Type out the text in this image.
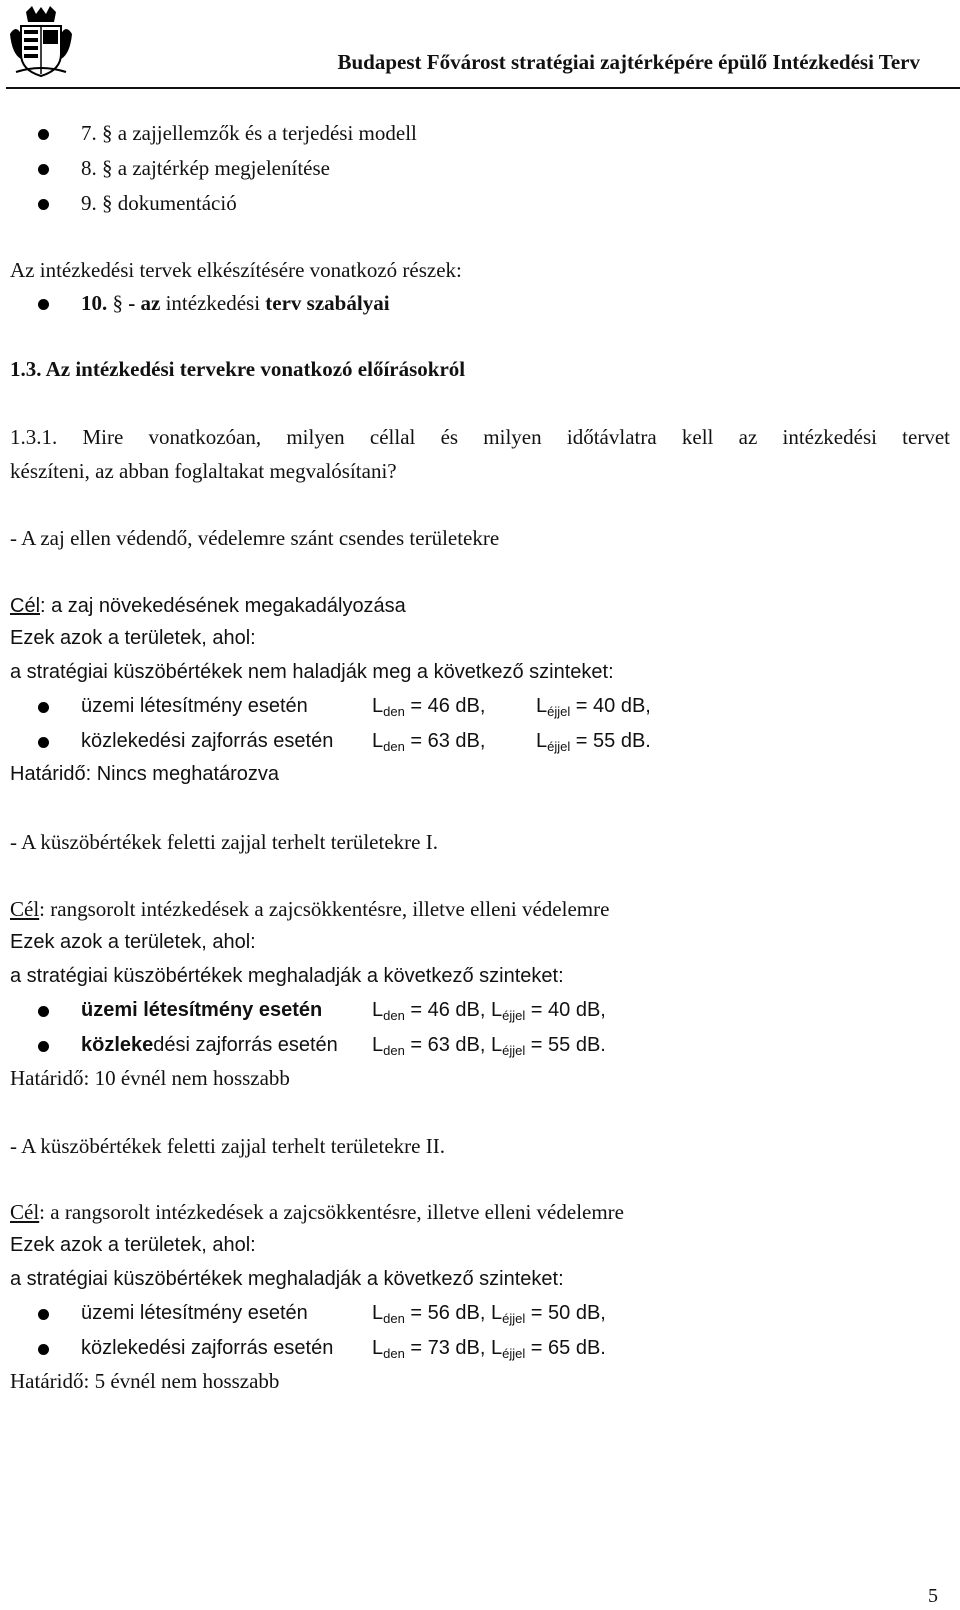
Budapest Fővárost stratégiai zajtérképére épülő Intézkedési Terv
7. § a zajjellemzők és a terjedési modell
8. § a zajtérkép megjelenítése
9. § dokumentáció
Az intézkedési tervek elkészítésére vonatkozó részek:
10. § - az intézkedési terv szabályai
1.3. Az intézkedési tervekre vonatkozó előírásokról
1.3.1. Mire vonatkozóan, milyen céllal és milyen időtávlatra kell az intézkedési tervet
készíteni, az abban foglaltakat megvalósítani?
- A zaj ellen védendő, védelemre szánt csendes területekre
Cél: a zaj növekedésének megakadályozása
Ezek azok a területek, ahol:
a stratégiai küszöbértékek nem haladják meg a következő szinteket:
üzemi létesítmény esetén	$L_{den} = 46$ dB,	$L_{éjjel} = 40$ dB,
közlekedési zajforrás esetén $L_{den} = 63$ dB,	$L_{éjjel} = 55$ dB.
Határidő: Nincs meghatározva
- A küszöbértékek feletti zajjal terhelt területekre I.
Cél: rangsorolt intézkedések a zajcsökkentésre, illetve elleni védelemre
Ezek azok a területek, ahol:
a stratégiai küszöbértékek meghaladják a következő szinteket:
üzemi létesítmény esetén $L_{den} = 46$ dB, $L_{éjjel} = 40$ dB,
közlekedési zajforrás esetén $L_{den} = 63$ dB, $L_{éjjel} = 55$ dB.
Határidő: 10 évnél nem hosszabb
- A küszöbértékek feletti zajjal terhelt területekre II.
Cél: a rangsorolt intézkedések a zajcsökkentésre, illetve elleni védelemre
Ezek azok a területek, ahol:
a stratégiai küszöbértékek meghaladják a következő szinteket:
üzemi létesítmény esetén	$L_{den} = 56$ dB, $L_{éjjel} = 50$ dB,
közlekedési zajforrás esetén $L_{den} = 73$ dB, $L_{éjjel} = 65$ dB.
Határidő: 5 évnél nem hosszabb
5
